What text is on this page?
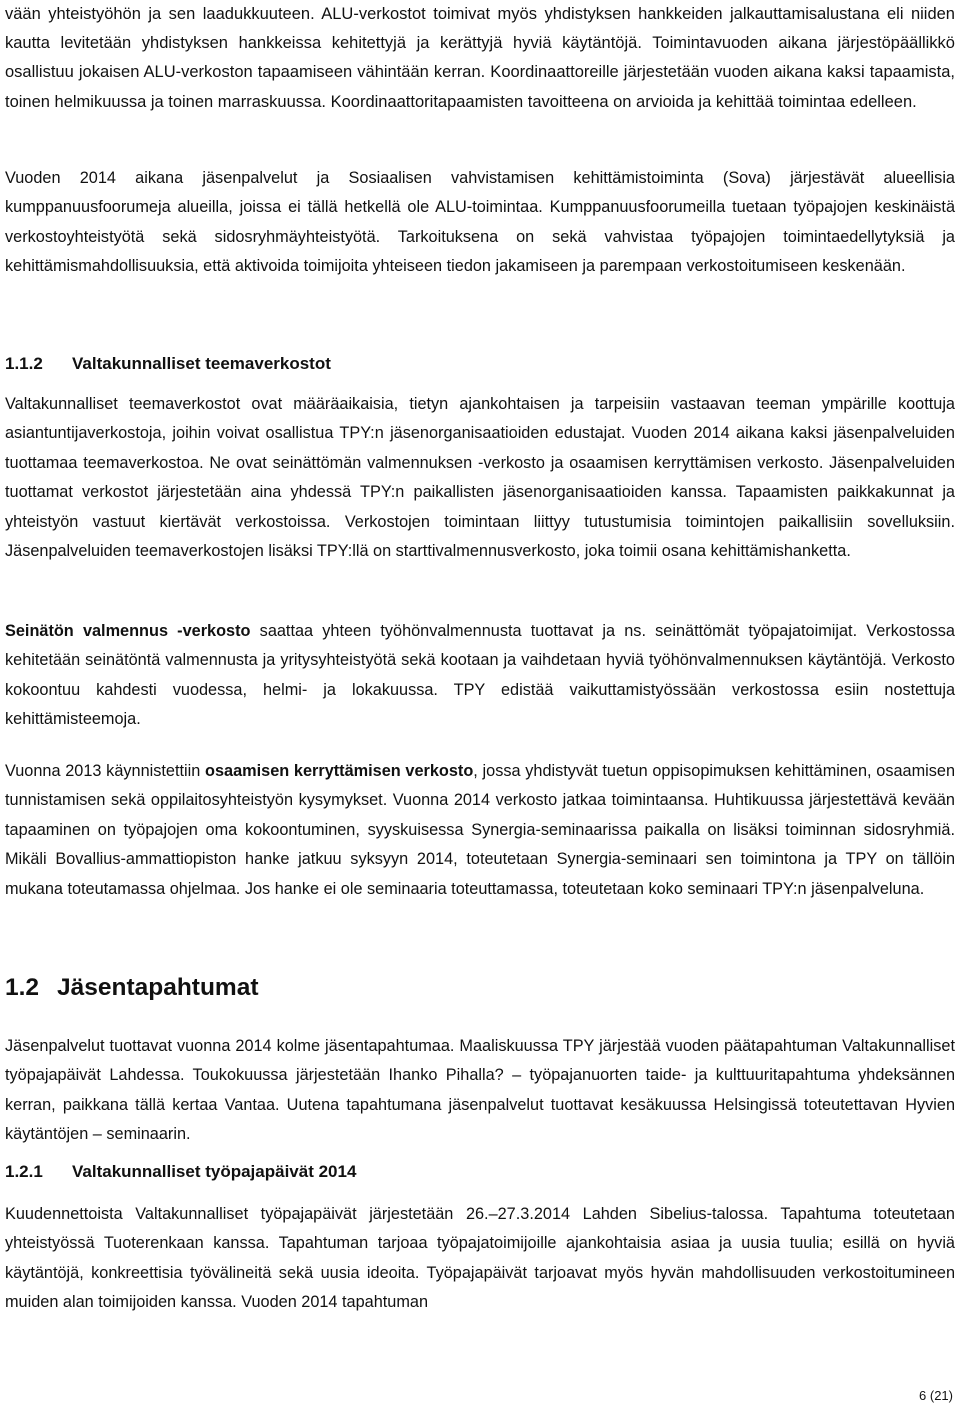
vään yhteistyöhön ja sen laadukkuuteen. ALU-verkostot toimivat myös yhdistyksen hankkeiden jalkauttamisalustana eli niiden kautta levitetään yhdistyksen hankkeissa kehitettyjä ja kerättyjä hyviä käytäntöjä. Toimintavuoden aikana järjestöpäällikkö osallistuu jokaisen ALU-verkoston tapaamiseen vähintään kerran. Koordinaattoreille järjestetään vuoden aikana kaksi tapaamista, toinen helmikuussa ja toinen marraskuussa. Koordinaattoritapaamisten tavoitteena on arvioida ja kehittää toimintaa edelleen.

Vuoden 2014 aikana jäsenpalvelut ja Sosiaalisen vahvistamisen kehittämistoiminta (Sova) järjestävät alueellisia kumppanuusfoorumeja alueilla, joissa ei tällä hetkellä ole ALU-toimintaa. Kumppanuusfoorumeilla tuetaan työpajojen keskinäistä verkostoyhteistyötä sekä sidosryhmäyhteistyötä. Tarkoituksena on sekä vahvistaa työpajojen toimintaedellytyksiä ja kehittämismahdollisuuksia, että aktivoida toimijoita yhteiseen tiedon jakamiseen ja parempaan verkostoitumiseen keskenään.

1.1.2	Valtakunnalliset teemaverkostot

Valtakunnalliset teemaverkostot ovat määräaikaisia, tietyn ajankohtaisen ja tarpeisiin vastaavan teeman ympärille koottuja asiantuntijaverkostoja, joihin voivat osallistua TPY:n jäsenorganisaatioiden edustajat. Vuoden 2014 aikana kaksi jäsenpalveluiden tuottamaa teemaverkostoa. Ne ovat seinättömän valmennuksen -verkosto ja osaamisen kerryttämisen verkosto. Jäsenpalveluiden tuottamat verkostot järjestetään aina yhdessä TPY:n paikallisten jäsenorganisaatioiden kanssa. Tapaamisten paikkakunnat ja yhteistyön vastuut kiertävät verkostoissa. Verkostojen toimintaan liittyy tutustumisia toimintojen paikallisiin sovelluksiin. Jäsenpalveluiden teemaverkostojen lisäksi TPY:llä on starttivalmennusverkosto, joka toimii osana kehittämishanketta.

Seinätön valmennus -verkosto saattaa yhteen työhönvalmennusta tuottavat ja ns. seinättömät työpajatoimijat. Verkostossa kehitetään seinätöntä valmennusta ja yritysyhteistyötä sekä kootaan ja vaihdetaan hyviä työhönvalmennuksen käytäntöjä. Verkosto kokoontuu kahdesti vuodessa, helmi- ja lokakuussa. TPY edistää vaikuttamistyössään verkostossa esiin nostettuja kehittämisteemoja.

Vuonna 2013 käynnistettiin osaamisen kerryttämisen verkosto, jossa yhdistyvät tuetun oppisopimuksen kehittäminen, osaamisen tunnistamisen sekä oppilaitosyhteistyön kysymykset. Vuonna 2014 verkosto jatkaa toimintaansa. Huhtikuussa järjestettävä kevään tapaaminen on työpajojen oma kokoontuminen, syyskuisessa Synergia-seminaarissa paikalla on lisäksi toiminnan sidosryhmiä. Mikäli Bovallius-ammattiopiston hanke jatkuu syksyyn 2014, toteutetaan Synergia-seminaari sen toimintona ja TPY on tällöin mukana toteutamassa ohjelmaa. Jos hanke ei ole seminaaria toteuttamassa, toteutetaan koko seminaari TPY:n jäsenpalveluna.

1.2 Jäsentapahtumat

Jäsenpalvelut tuottavat vuonna 2014 kolme jäsentapahtumaa. Maaliskuussa TPY järjestää vuoden päätapahtuman Valtakunnalliset työpajapäivät Lahdessa. Toukokuussa järjestetään Ihanko Pihalla? – työpajanuorten taide- ja kulttuuritapahtuma yhdeksännen kerran, paikkana tällä kertaa Vantaa. Uutena tapahtumana jäsenpalvelut tuottavat kesäkuussa Helsingissä toteutettavan Hyvien käytäntöjen – seminaarin.

1.2.1	Valtakunnalliset työpajapäivät 2014

Kuudennettoista Valtakunnalliset työpajapäivät järjestetään 26.–27.3.2014 Lahden Sibelius-talossa. Tapahtuma toteutetaan yhteistyössä Tuoterenkaan kanssa. Tapahtuman tarjoaa työpajatoimijoille ajankohtaisia asiaa ja uusia tuulia; esillä on hyviä käytäntöjä, konkreettisia työvälineitä sekä uusia ideoita. Työpajapäivät tarjoavat myös hyvän mahdollisuuden verkostoitumineen muiden alan toimijoiden kanssa. Vuoden 2014 tapahtuman

6 (21)
